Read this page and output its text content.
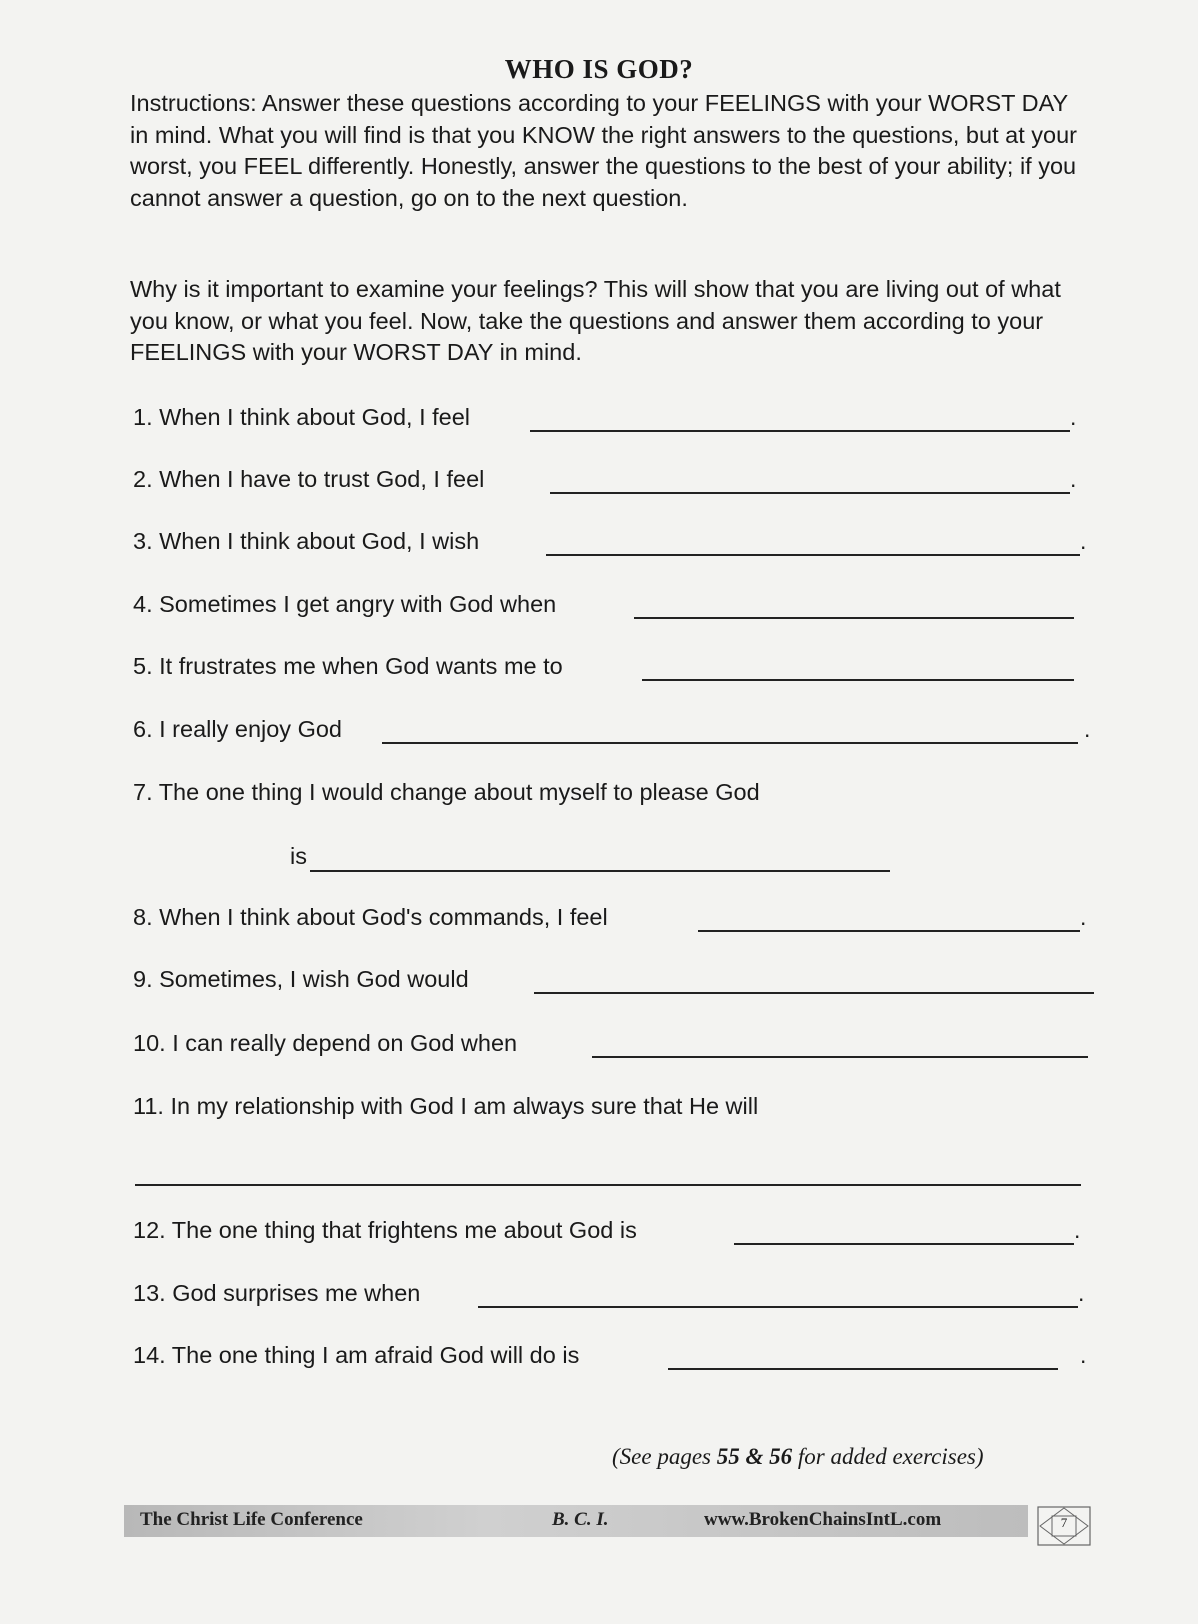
WHO IS GOD?

Instructions: Answer these questions according to your FEELINGS with your WORST DAY in mind. What you will find is that you KNOW the right answers to the questions, but at your worst, you FEEL differently. Honestly, answer the questions to the best of your ability; if you cannot answer a question, go on to the next question.

Why is it important to examine your feelings? This will show that you are living out of what you know, or what you feel. Now, take the questions and answer them according to your FEELINGS with your WORST DAY in mind.

1. When I think about God, I feel	.
2. When I have to trust God, I feel	.
3. When I think about God, I wish	.
4. Sometimes I get angry with God when
5. It frustrates me when God wants me to
6. I really enjoy God	.
7. The one thing I would change about myself to please God
is
8. When I think about God's commands, I feel	.
9. Sometimes, I wish God would
10. I can really depend on God when
11. In my relationship with God I am always sure that He will
12. The one thing that frightens me about God is	.
13. God surprises me when	.
14. The one thing I am afraid God will do is	.
(See pages 55 & 56 for added exercises)
The Christ Life Conference	B. C. I.	www.BrokenChainsIntL.com	7
